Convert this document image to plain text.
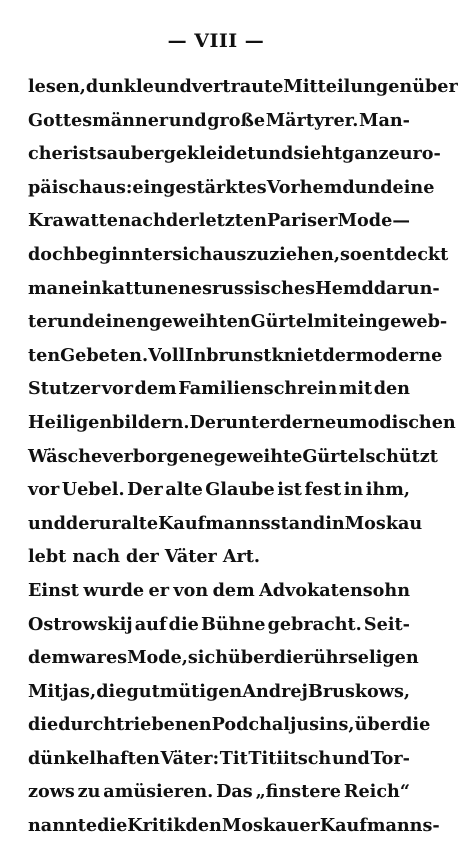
— VIII —
lesen, dunkle und vertraute Mitteilungen über
Gottesmänner und große Märtyrer. Man-
cher ist sauber gekleidet und sieht ganz euro-
päisch aus: ein gestärktes Vorhemd und eine
Krawatte nach der letzten Pariser Mode —
doch beginnt er sich auszuziehen, so entdeckt
man ein kattunenes russisches Hemd darun-
ter und einen geweihten Gürtel mit eingeweb-
ten Gebeten. Voll Inbrunst kniet der moderne
Stutzer vor dem Familienschrein mit den
Heiligenbildern. Der unter der neumodischen
Wäsche verborgene geweihte Gürtel schützt
vor Uebel. Der alte Glaube ist fest in ihm,
und der uralte Kaufmannsstand in Moskau
lebt nach der Väter Art.
Einst wurde er von dem Advokatensohn
Ostrowskij auf die Bühne gebracht. Seit-
dem war es Mode, sich über die rührseligen
Mitjas, die gutmütigen Andrej Bruskows,
die durchtriebenen Podchaljusins, über die
dünkelhaften Väter: Tit Titiitsch und Tor-
zows zu amüsieren. Das „finstere Reich“
nannte die Kritik den Moskauer Kaufmanns-
